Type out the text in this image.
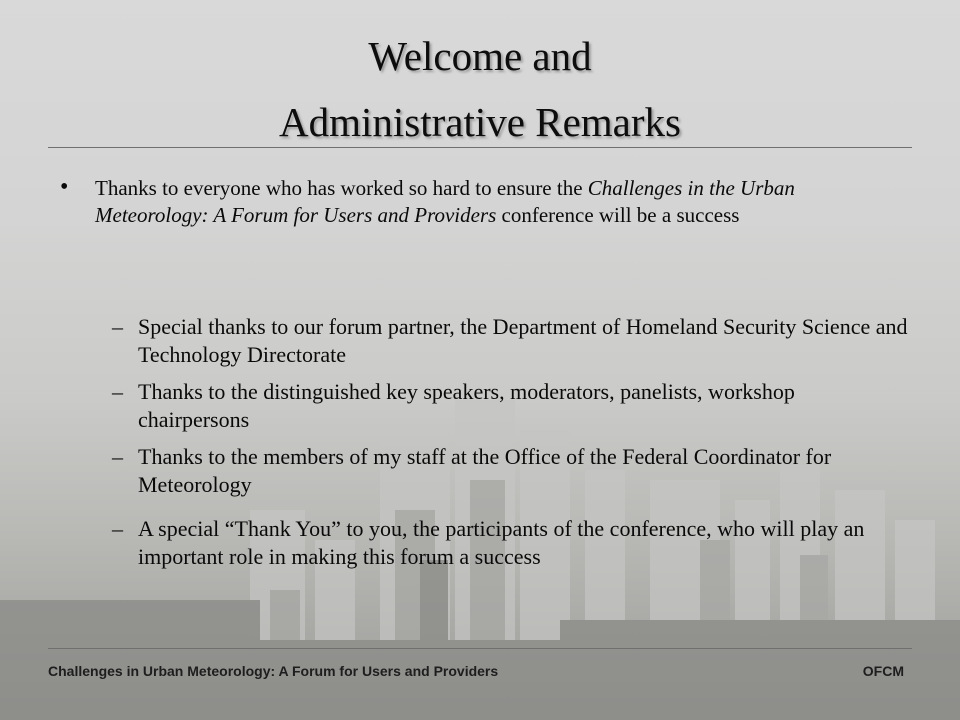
Welcome and
Administrative Remarks
• Thanks to everyone who has worked so hard to ensure the Challenges in the Urban Meteorology: A Forum for Users and Providers conference will be a success
– Special thanks to our forum partner, the Department of Homeland Security Science and Technology Directorate
– Thanks to the distinguished key speakers, moderators, panelists, workshop chairpersons
– Thanks to the members of my staff at the Office of the Federal Coordinator for Meteorology
– A special “Thank You” to you, the participants of the conference, who will play an important role in making this forum a success
Challenges in Urban Meteorology: A Forum for Users and Providers	OFCM
